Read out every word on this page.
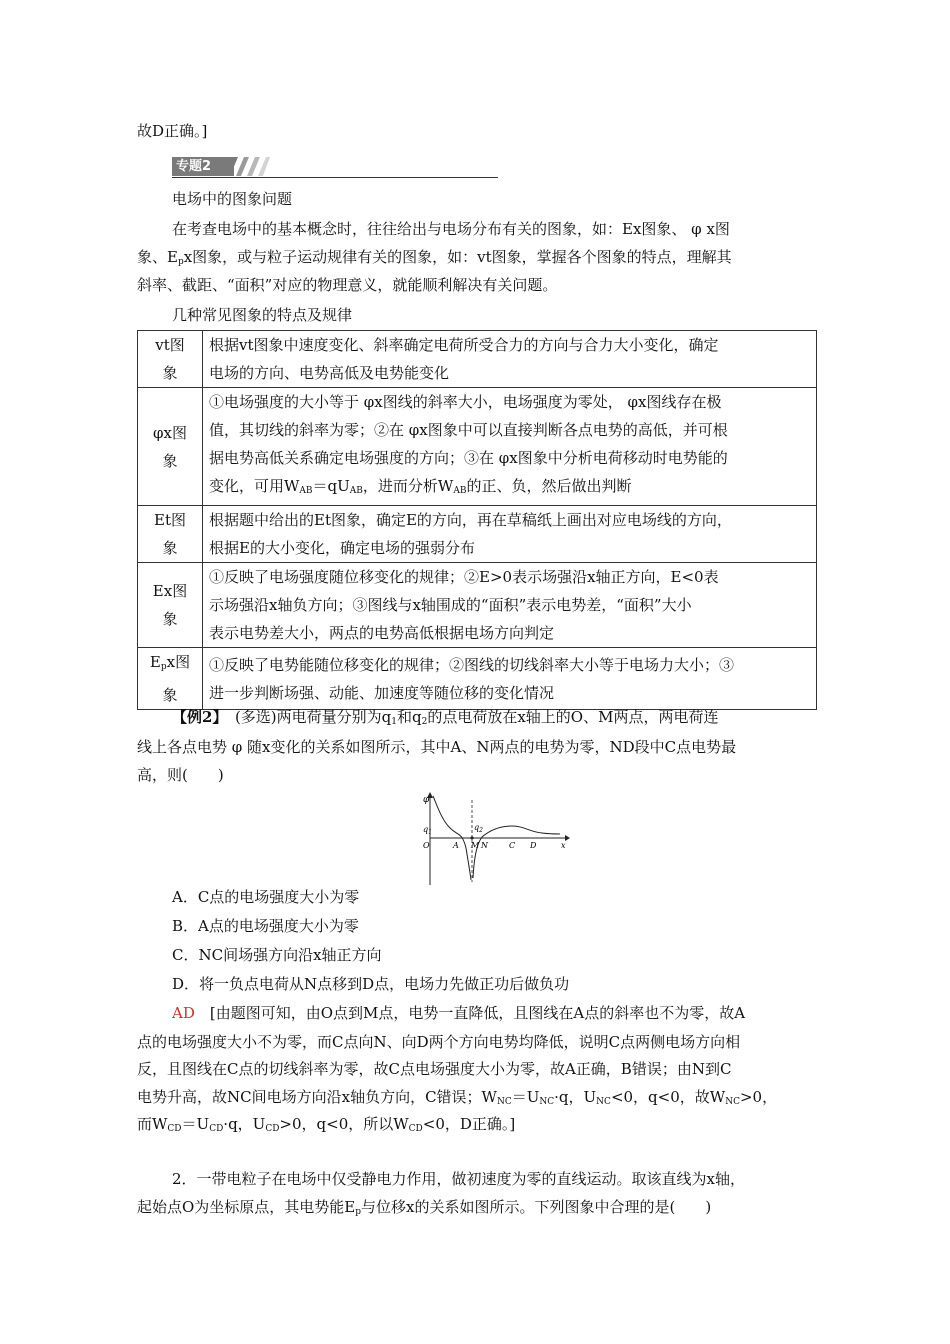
故D正确。]
专题2
电场中的图象问题
在考查电场中的基本概念时，往往给出与电场分布有关的图象，如：Ex图象、 φ x图
象、$E_px$图象，或与粒子运动规律有关的图象，如：vt图象，掌握各个图象的特点，理解其
斜率、截距、“面积”对应的物理意义，就能顺利解决有关问题。
几种常见图象的特点及规律
vt图
象	根据vt图象中速度变化、斜率确定电荷所受合力的方向与合力大小变化，确定
电场的方向、电势高低及电势能变化
φx图
象	①电场强度的大小等于 φx图线的斜率大小，电场强度为零处， φx图线存在极
值，其切线的斜率为零；②在 φx图象中可以直接判断各点电势的高低，并可根
据电势高低关系确定电场强度的方向；③在 φx图象中分析电荷移动时电势能的
变化，可用$W_{AB}=qU_{AB}$，进而分析$W_{AB}$的正、负，然后做出判断
Et图
象	根据题中给出的Et图象，确定E的方向，再在草稿纸上画出对应电场线的方向，
根据E的大小变化，确定电场的强弱分布
Ex图
象	①反映了电场强度随位移变化的规律；②E>0表示场强沿x轴正方向，E<0表
示场强沿x轴负方向；③图线与x轴围成的“面积”表示电势差，“面积”大小
表示电势差大小，两点的电势高低根据电场方向判定
$E_px$图
象	①反映了电势能随位移变化的规律；②图线的切线斜率大小等于电场力大小；③
进一步判断场强、动能、加速度等随位移的变化情况
【例2】　 (多选)两电荷量分别为$q_1$和$q_2$的点电荷放在x轴上的O、M两点，两电荷连
线上各点电势 φ 随x变化的关系如图所示，其中A、N两点的电势为零，ND段中C点电势最
高，则(　　)
φ
$q_1$
$q_2$
O	A M N	C D	x
A．C点的电场强度大小为零
B．A点的电场强度大小为零
C．NC间场强方向沿x轴正方向
D．将一负点电荷从N点移到D点，电场力先做正功后做负功
AD　 [由题图可知，由O点到M点，电势一直降低，且图线在A点的斜率也不为零，故A
点的电场强度大小不为零，而C点向N、向D两个方向电势均降低，说明C点两侧电场方向相
反，且图线在C点的切线斜率为零，故C点电场强度大小为零，故A正确，B错误；由N到C
电势升高，故NC间电场方向沿x轴负方向，C错误；$W_{NC}=U_{NC}\cdot q$，$U_{NC}<0$，q<0，故$W_{NC}>0$，
而$W_{CD}=U_{CD}\cdot q$，$U_{CD}>0$，q<0，所以$W_{CD}<0$，D正确。]
2．一带电粒子在电场中仅受静电力作用，做初速度为零的直线运动。取该直线为x轴，
起始点O为坐标原点，其电势能$E_p$与位移x的关系如图所示。下列图象中合理的是(　　)
